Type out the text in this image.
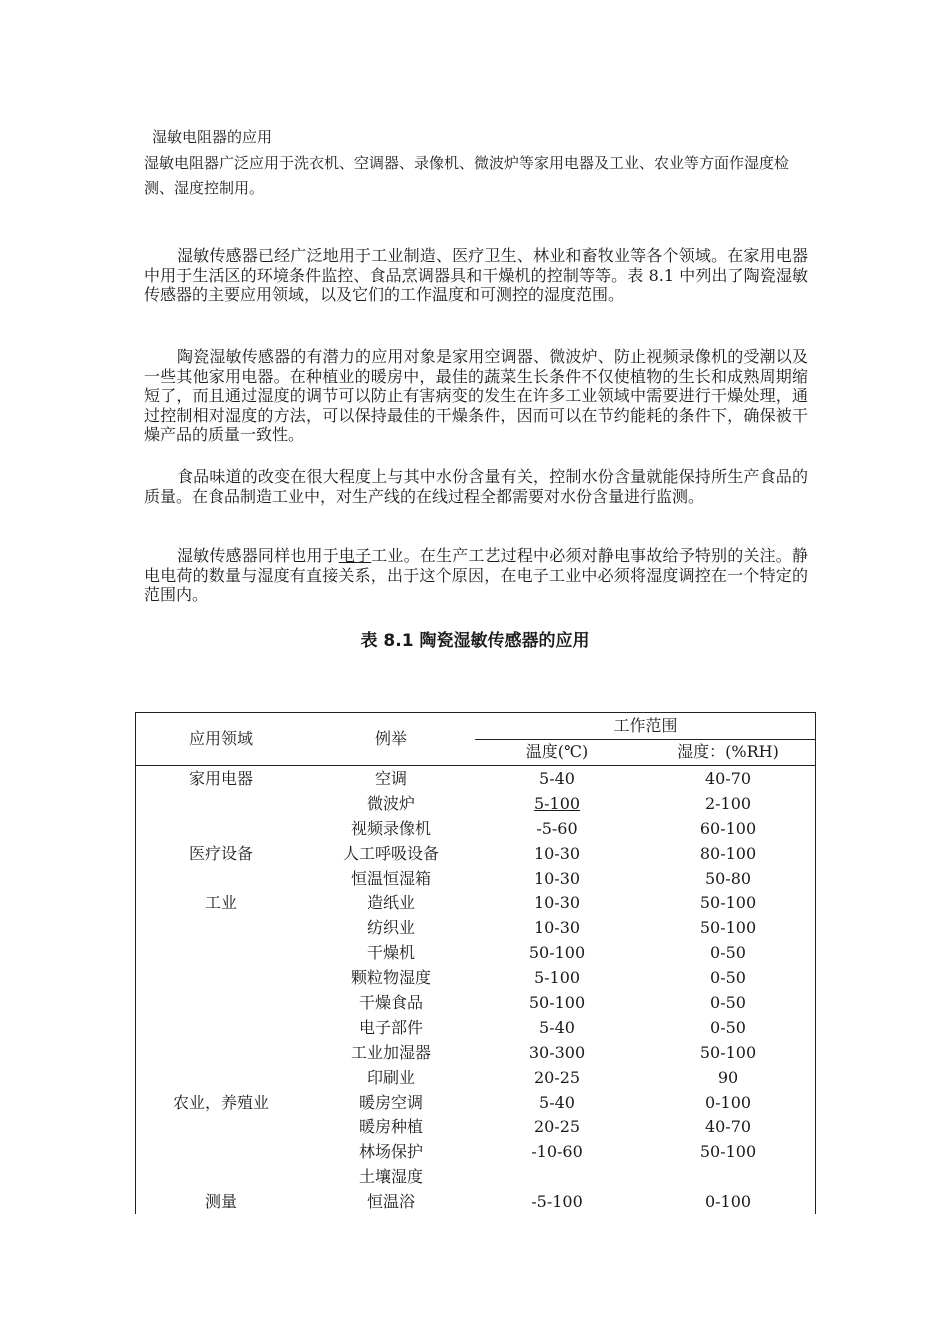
湿敏电阻器的应用

湿敏电阻器广泛应用于洗衣机、空调器、录像机、微波炉等家用电器及工业、农业等方面作湿度检测、湿度控制用。

湿敏传感器已经广泛地用于工业制造、医疗卫生、林业和畜牧业等各个领域。在家用电器中用于生活区的环境条件监控、食品烹调器具和干燥机的控制等等。表 8.1 中列出了陶瓷湿敏传感器的主要应用领域，以及它们的工作温度和可测控的湿度范围。

陶瓷湿敏传感器的有潜力的应用对象是家用空调器、微波炉、防止视频录像机的受潮以及一些其他家用电器。在种植业的暖房中，最佳的蔬菜生长条件不仅使植物的生长和成熟周期缩短了，而且通过湿度的调节可以防止有害病变的发生在许多工业领域中需要进行干燥处理，通过控制相对湿度的方法，可以保持最佳的干燥条件，因而可以在节约能耗的条件下，确保被干燥产品的质量一致性。

食品味道的改变在很大程度上与其中水份含量有关，控制水份含量就能保持所生产食品的质量。在食品制造工业中，对生产线的在线过程全都需要对水份含量进行监测。

湿敏传感器同样也用于电子工业。在生产工艺过程中必须对静电事故给予特别的关注。静电电荷的数量与湿度有直接关系，出于这个原因，在电子工业中必须将湿度调控在一个特定的范围内。

表 8.1 陶瓷湿敏传感器的应用

应用领域	例举
工作范围
温度(℃)	湿度：(%RH)
家用电器	空调	5-40	40-70
微波炉	5-100	2-100
视频录像机	-5-60	60-100
医疗设备	人工呼吸设备	10-30	80-100
恒温恒湿箱	10-30	50-80
工业	造纸业	10-30	50-100
纺织业	10-30	50-100
干燥机	50-100	0-50
颗粒物湿度	5-100	0-50
干燥食品	50-100	0-50
电子部件	5-40	0-50
工业加湿器	30-300	50-100
印刷业	20-25	90
农业，养殖业	暖房空调	5-40	0-100
暖房种植	20-25	40-70
林场保护	-10-60	50-100
土壤湿度
测量	恒温浴	-5-100	0-100
